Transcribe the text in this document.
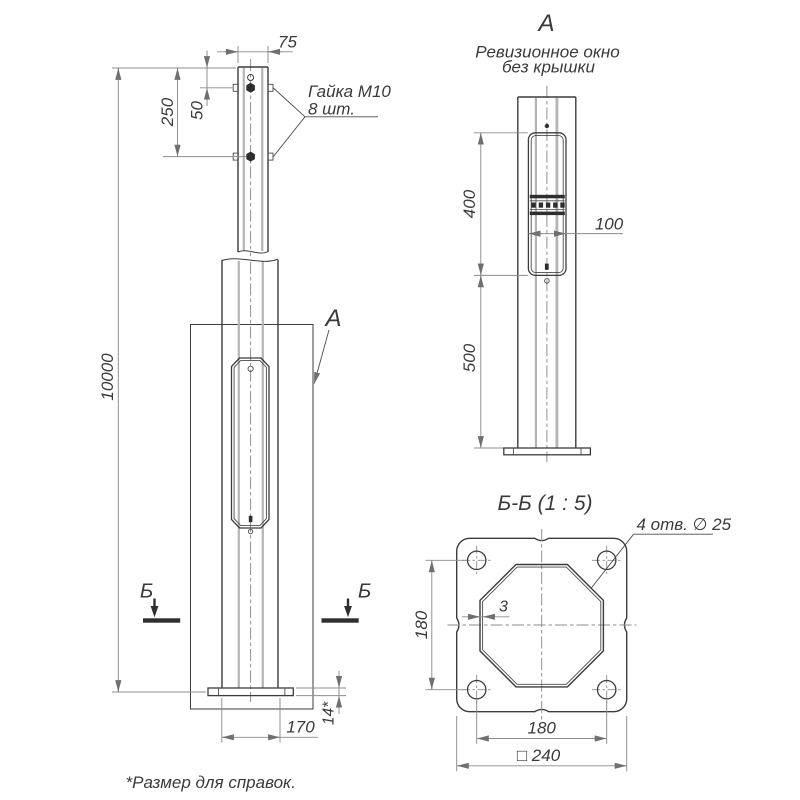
Гайка М10
8 шт.
75
50
250
10000
А
Б	Б
170
14*
А
Ревизионное окно
без крышки
400
500
100
Б-Б (1 : 5)
3
180
180
□ 240
4 отв. ∅ 25
*Размер для справок.
